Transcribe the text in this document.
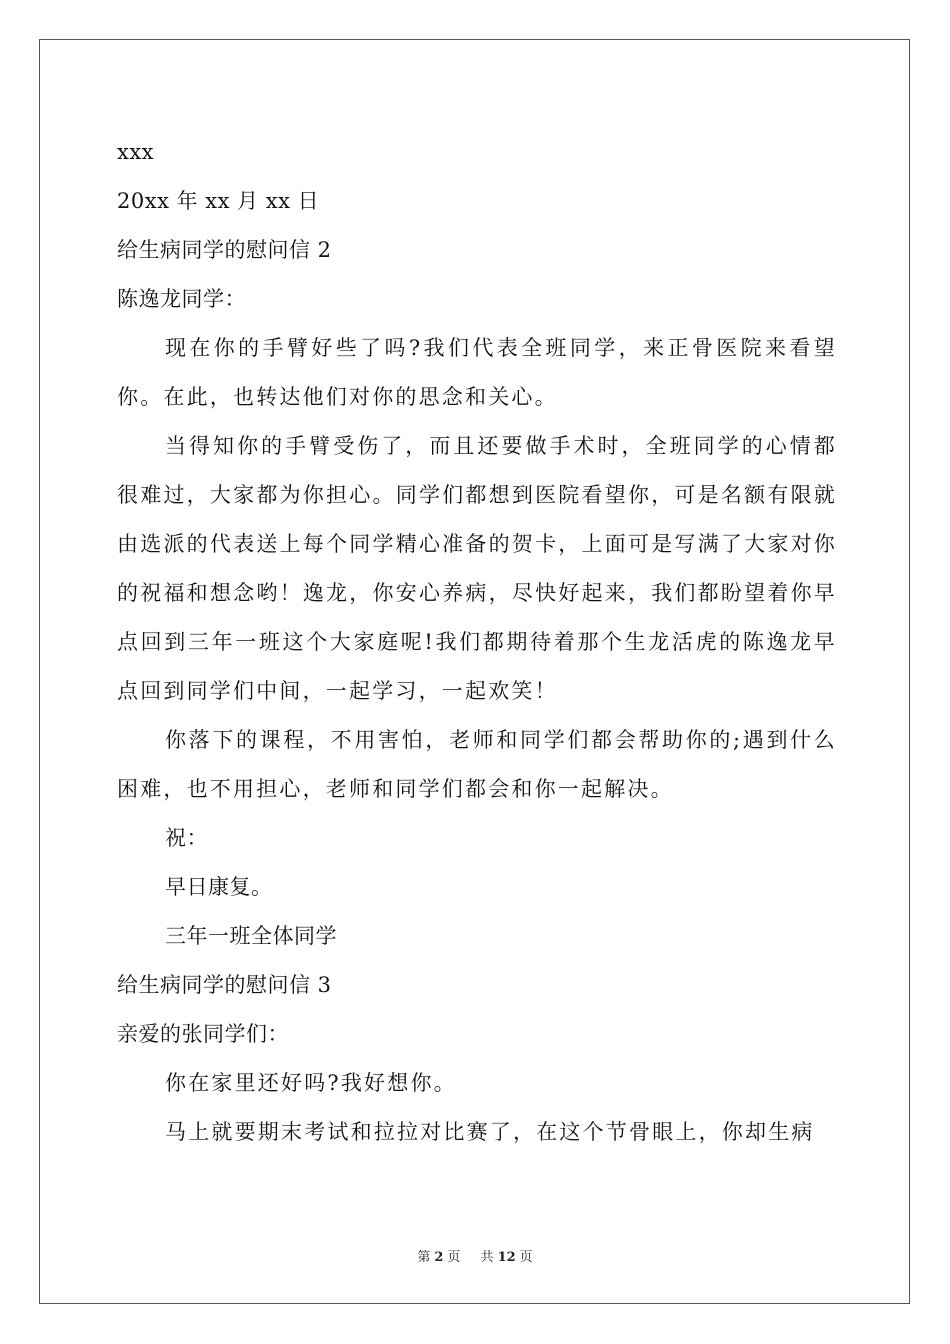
xxx
20xx 年 xx 月 xx 日
给生病同学的慰问信 2
陈逸龙同学：

现在你的手臂好些了吗?我们代表全班同学，来正骨医院来看望你。在此，也转达他们对你的思念和关心。

当得知你的手臂受伤了，而且还要做手术时，全班同学的心情都很难过，大家都为你担心。同学们都想到医院看望你，可是名额有限就由选派的代表送上每个同学精心准备的贺卡，上面可是写满了大家对你的祝福和想念哟！逸龙，你安心养病，尽快好起来，我们都盼望着你早点回到三年一班这个大家庭呢!我们都期待着那个生龙活虎的陈逸龙早点回到同学们中间，一起学习，一起欢笑！

你落下的课程，不用害怕，老师和同学们都会帮助你的;遇到什么困难，也不用担心，老师和同学们都会和你一起解决。

祝：
早日康复。
三年一班全体同学
给生病同学的慰问信 3
亲爱的张同学们：

你在家里还好吗?我好想你。

马上就要期末考试和拉拉对比赛了，在这个节骨眼上，你却生病

第 2 页 共 12 页
